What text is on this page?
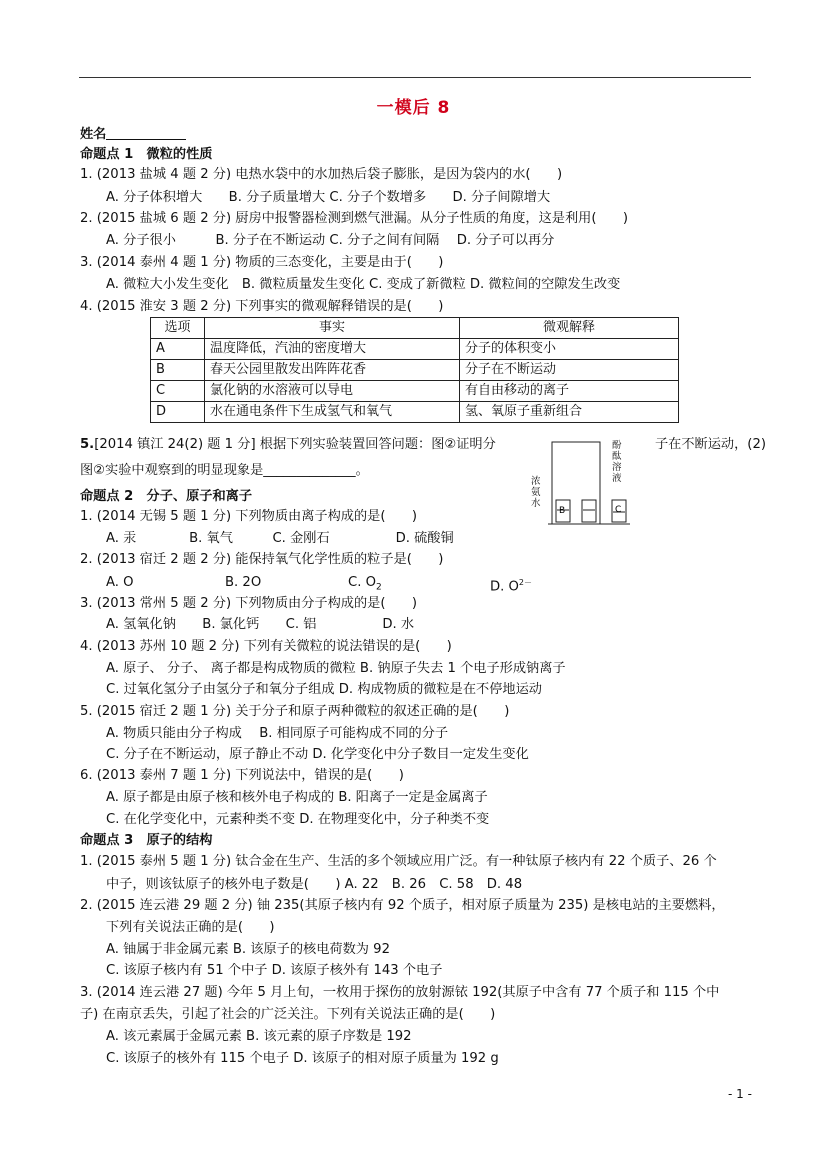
一模后 8
姓名
命题点 1　微粒的性质
1. (2013 盐城 4 题 2 分) 电热水袋中的水加热后袋子膨胀，是因为袋内的水(　　)
A. 分子体积增大　　B. 分子质量增大 C. 分子个数增多　　D. 分子间隙增大
2. (2015 盐城 6 题 2 分) 厨房中报警器检测到燃气泄漏。从分子性质的角度，这是利用(　　)
A. 分子很小　　　B. 分子在不断运动 C. 分子之间有间隔　 D. 分子可以再分
3. (2014 泰州 4 题 1 分) 物质的三态变化，主要是由于(　　)
A. 微粒大小发生变化　B. 微粒质量发生变化 C. 变成了新微粒 D. 微粒间的空隙发生改变
4. (2015 淮安 3 题 2 分) 下列事实的微观解释错误的是(　　)
选项	事实	微观解释
A	温度降低，汽油的密度增大	分子的体积变小
B	春天公园里散发出阵阵花香	分子在不断运动
C	氯化钠的水溶液可以导电	有自由移动的离子
D	水在通电条件下生成氢气和氧气	氢、氧原子重新组合
5.[2014 镇江 24(2) 题 1 分] 根据下列实验装置回答问题：图②证明分	子在不断运动，(2)
图②实验中观察到的明显现象是______________。
B	C
浓氨水
酚酞溶液
命题点 2　分子、原子和离子
1. (2014 无锡 5 题 1 分) 下列物质由离子构成的是(　　)
A. 汞　　　　B. 氧气　　　C. 金刚石　　　　　D. 硫酸铜
2. (2013 宿迁 2 题 2 分) 能保持氧气化学性质的粒子是(　　)
A. O	B. 2O	C. $O_2$	D. $O^{2-}$
3. (2013 常州 5 题 2 分) 下列物质由分子构成的是(　　)
A. 氢氧化钠　　B. 氯化钙　　C. 铝　　　　　D. 水
4. (2013 苏州 10 题 2 分) 下列有关微粒的说法错误的是(　　)
A. 原子、 分子、 离子都是构成物质的微粒 B. 钠原子失去 1 个电子形成钠离子
C. 过氧化氢分子由氢分子和氧分子组成 D. 构成物质的微粒是在不停地运动
5. (2015 宿迁 2 题 1 分) 关于分子和原子两种微粒的叙述正确的是(　　)
A. 物质只能由分子构成　 B. 相同原子可能构成不同的分子
C. 分子在不断运动，原子静止不动 D. 化学变化中分子数目一定发生变化
6. (2013 泰州 7 题 1 分) 下列说法中，错误的是(　　)
A. 原子都是由原子核和核外电子构成的 B. 阳离子一定是金属离子
C. 在化学变化中，元素种类不变 D. 在物理变化中，分子种类不变
命题点 3　原子的结构
1. (2015 泰州 5 题 1 分) 钛合金在生产、生活的多个领域应用广泛。有一种钛原子核内有 22 个质子、26 个
中子，则该钛原子的核外电子数是(　　) A. 22　B. 26　C. 58　D. 48
2. (2015 连云港 29 题 2 分) 铀 235(其原子核内有 92 个质子，相对原子质量为 235) 是核电站的主要燃料，
下列有关说法正确的是(　　)
A. 铀属于非金属元素 B. 该原子的核电荷数为 92
C. 该原子核内有 51 个中子 D. 该原子核外有 143 个电子
3. (2014 连云港 27 题) 今年 5 月上旬，一枚用于探伤的放射源铱 192(其原子中含有 77 个质子和 115 个中
子) 在南京丢失，引起了社会的广泛关注。下列有关说法正确的是(　　)
A. 该元素属于金属元素 B. 该元素的原子序数是 192
C. 该原子的核外有 115 个电子 D. 该原子的相对原子质量为 192 g
- 1 -
